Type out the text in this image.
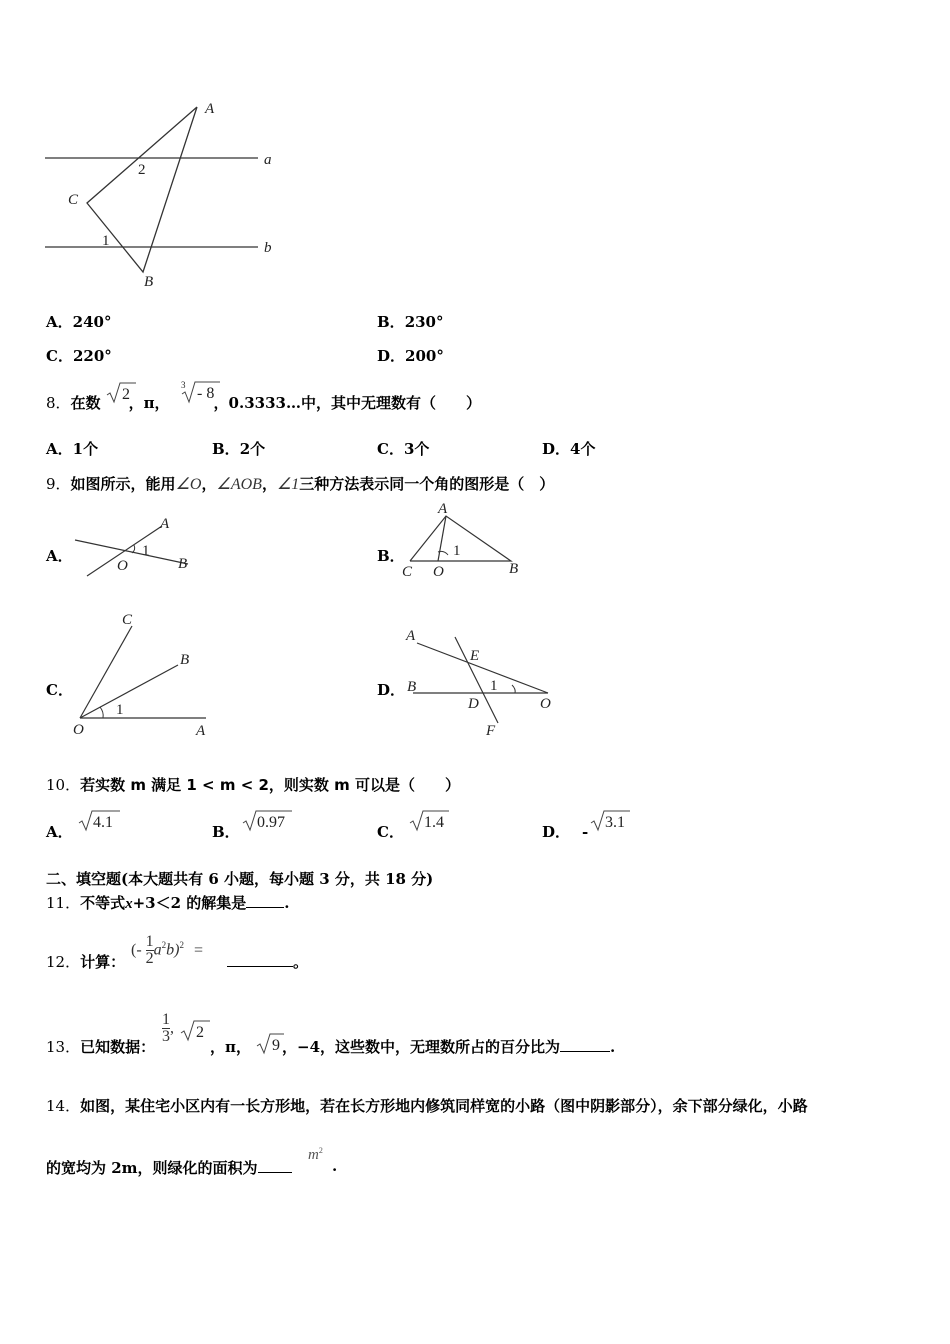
A
C
B
a
b
2
1
A．240°	B．230°
C．220°	D．200°
8．在数 ，π，	，0.3333…中，其中无理数有（　　）
2
3 - 8
A．1个	B．2个	C．3个	D．4个
9．如图所示，能用∠O，∠AOB，∠1三种方法表示同一个角的图形是（　）
A．
A
O	B
1	B．
A
C O	B
1
C．
C
B
O	A
1
D．
A
E
B	1
D	O
F
10．若实数 m 满足 1 < m < 2，则实数 m 可以是（　　）
A．
4.1
B．
0.97
C．
1.4
D． -
3.1
二、填空题(本大题共有 6 小题，每小题 3 分，共 18 分)
11．不等式x+3＜2 的解集是	.
12．计算：
(- $\frac{1}{2} a^2b)^2$ =
。
13．已知数据：
$\frac{1}{3}$ , 2
，π， 9 ，−4，这些数中，无理数所占的百分比为	.
14．如图，某住宅小区内有一长方形地，若在长方形地内修筑同样宽的小路（图中阴影部分），余下部分绿化，小路
的宽均为 2m，则绿化的面积为
$m^2$
.
